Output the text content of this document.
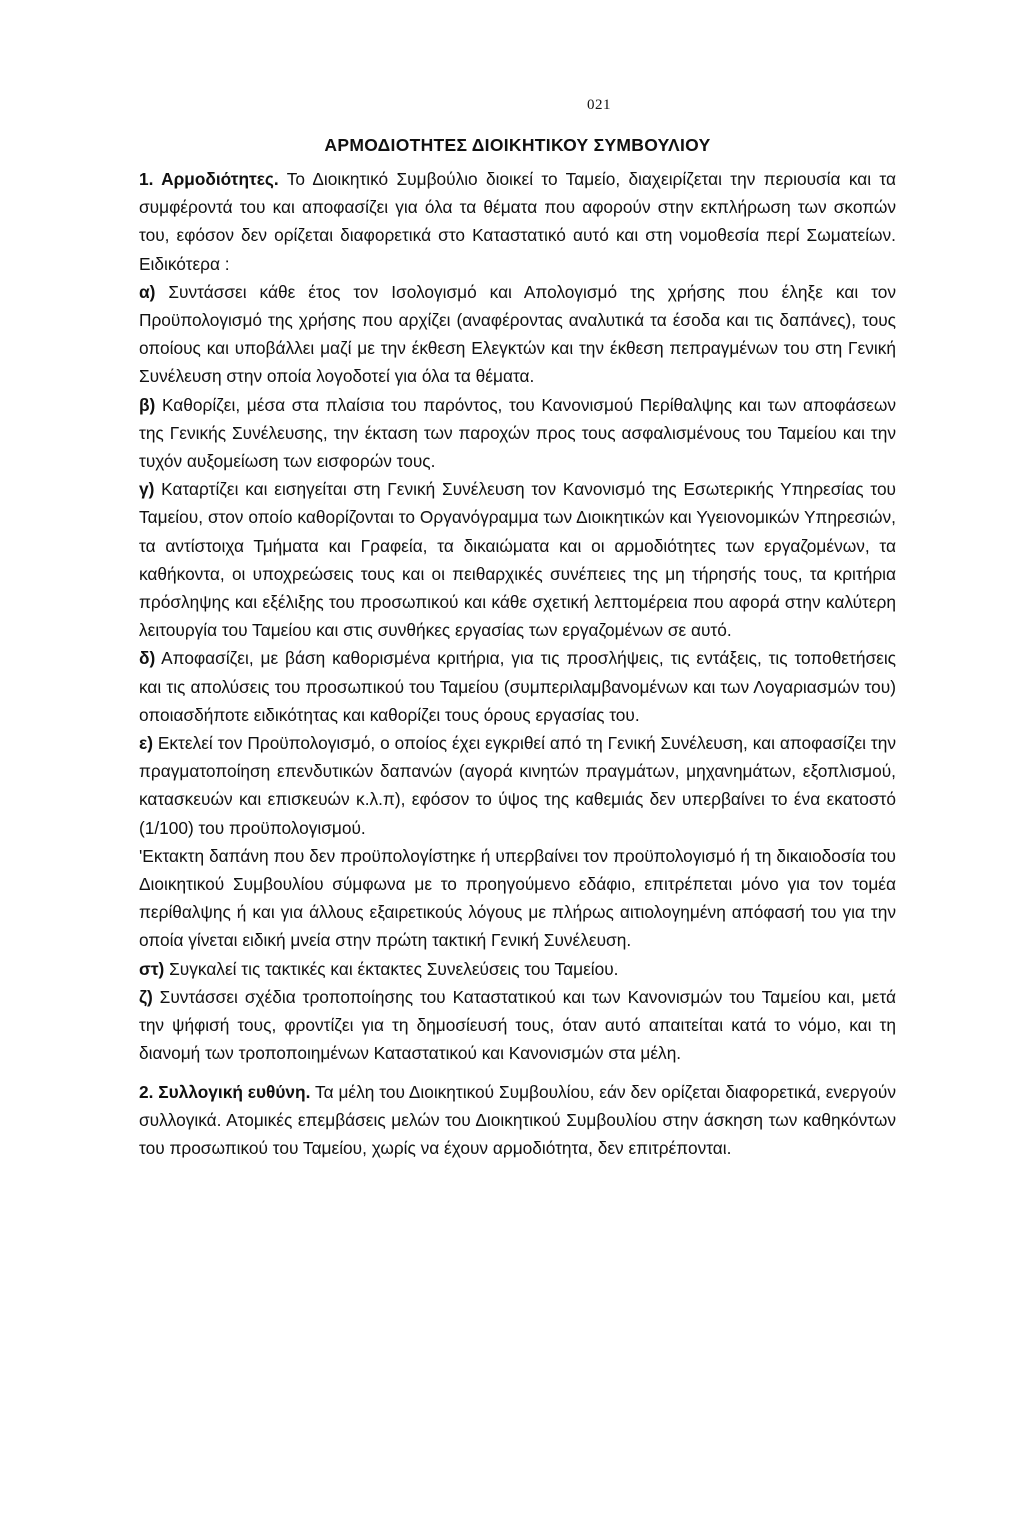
021
ΑΡΜΟΔΙΟΤΗΤΕΣ ΔΙΟΙΚΗΤΙΚΟΥ ΣΥΜΒΟΥΛΙΟΥ

1. Αρμοδιότητες. Το Διοικητικό Συμβούλιο διοικεί το Ταμείο, διαχειρίζεται την περιουσία και τα συμφέροντά του και αποφασίζει για όλα τα θέματα που αφορούν στην εκπλήρωση των σκοπών του, εφόσον δεν ορίζεται διαφορετικά στο Καταστατικό αυτό και στη νομοθεσία περί Σωματείων. Ειδικότερα :

α) Συντάσσει κάθε έτος τον Ισολογισμό και Απολογισμό της χρήσης που έληξε και τον Προϋπολογισμό της χρήσης που αρχίζει (αναφέροντας αναλυτικά τα έσοδα και τις δαπάνες), τους οποίους και υποβάλλει μαζί με την έκθεση Ελεγκτών και την έκθεση πεπραγμένων του στη Γενική Συνέλευση στην οποία λογοδοτεί για όλα τα θέματα.

β) Καθορίζει, μέσα στα πλαίσια του παρόντος, του Κανονισμού Περίθαλψης και των αποφάσεων της Γενικής Συνέλευσης, την έκταση των παροχών προς τους ασφαλισμένους του Ταμείου και την τυχόν αυξομείωση των εισφορών τους.

γ) Καταρτίζει και εισηγείται στη Γενική Συνέλευση τον Κανονισμό της Εσωτερικής Υπηρεσίας του Ταμείου, στον οποίο καθορίζονται το Οργανόγραμμα των Διοικητικών και Υγειονομικών Υπηρεσιών, τα αντίστοιχα Τμήματα και Γραφεία, τα δικαιώματα και οι αρμοδιότητες των εργαζομένων, τα καθήκοντα, οι υποχρεώσεις τους και οι πειθαρχικές συνέπειες της μη τήρησής τους, τα κριτήρια πρόσληψης και εξέλιξης του προσωπικού και κάθε σχετική λεπτομέρεια που αφορά στην καλύτερη λειτουργία του Ταμείου και στις συνθήκες εργασίας των εργαζομένων σε αυτό.

δ) Αποφασίζει, με βάση καθορισμένα κριτήρια, για τις προσλήψεις, τις εντάξεις, τις τοποθετήσεις και τις απολύσεις του προσωπικού του Ταμείου (συμπεριλαμβανομένων και των Λογαριασμών του) οποιασδήποτε ειδικότητας και καθορίζει τους όρους εργασίας του.

ε) Εκτελεί τον Προϋπολογισμό, ο οποίος έχει εγκριθεί από τη Γενική Συνέλευση, και αποφασίζει την πραγματοποίηση επενδυτικών δαπανών (αγορά κινητών πραγμάτων, μηχανημάτων, εξοπλισμού, κατασκευών και επισκευών κ.λ.π), εφόσον το ύψος της καθεμιάς δεν υπερβαίνει το ένα εκατοστό (1/100) του προϋπολογισμού.

'Εκτακτη δαπάνη που δεν προϋπολογίστηκε ή υπερβαίνει τον προϋπολογισμό ή τη δικαιοδοσία του Διοικητικού Συμβουλίου σύμφωνα με το προηγούμενο εδάφιο, επιτρέπεται μόνο για τον τομέα περίθαλψης ή και για άλλους εξαιρετικούς λόγους με πλήρως αιτιολογημένη απόφασή του για την οποία γίνεται ειδική μνεία στην πρώτη τακτική Γενική Συνέλευση.

στ) Συγκαλεί τις τακτικές και έκτακτες Συνελεύσεις του Ταμείου.

ζ) Συντάσσει σχέδια τροποποίησης του Καταστατικού και των Κανονισμών του Ταμείου και, μετά την ψήφισή τους, φροντίζει για τη δημοσίευσή τους, όταν αυτό απαιτείται κατά το νόμο, και τη διανομή των τροποποιημένων Καταστατικού και Κανονισμών στα μέλη.

2. Συλλογική ευθύνη. Τα μέλη του Διοικητικού Συμβουλίου, εάν δεν ορίζεται διαφορετικά, ενεργούν συλλογικά. Ατομικές επεμβάσεις μελών του Διοικητικού Συμβουλίου στην άσκηση των καθηκόντων του προσωπικού του Ταμείου, χωρίς να έχουν αρμοδιότητα, δεν επιτρέπονται.
